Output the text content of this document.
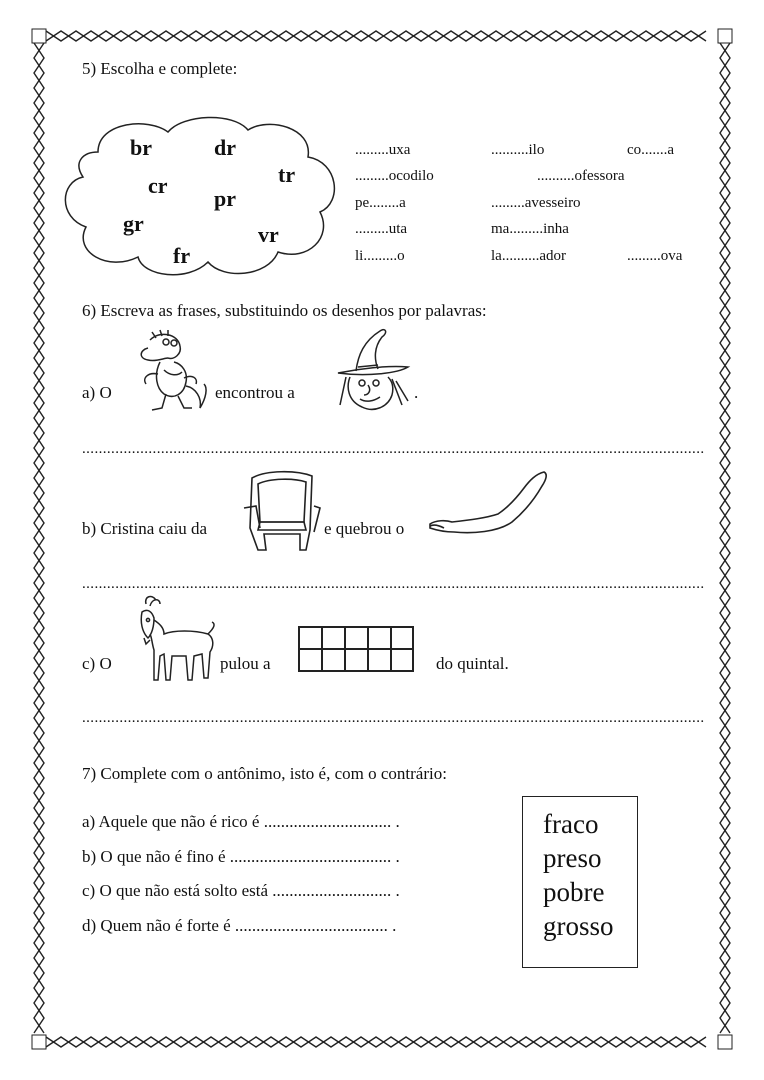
5) Escolha e complete:
br	dr
tr
cr
pr
gr	vr
fr
.........uxa	..........ilo	co.......a
.........ocodilo	..........ofessora
pe........a	.........avesseiro
.........uta	ma.........inha
li.........o	la..........ador	.........ova
6) Escreva as frases, substituindo os desenhos por palavras:
a) O	encontrou a	.
......................................................................................................................................................
b) Cristina caiu da	e quebrou o
......................................................................................................................................................
c) O	pulou a	do quintal.
......................................................................................................................................................
7) Complete com o antônimo, isto é, com o contrário:
a) Aquele que não é rico é .............................. .
b) O que não é fino é ...................................... .
c) O que não está solto está ............................ .
d) Quem não é forte é .................................... .
fraco
preso
pobre
grosso
